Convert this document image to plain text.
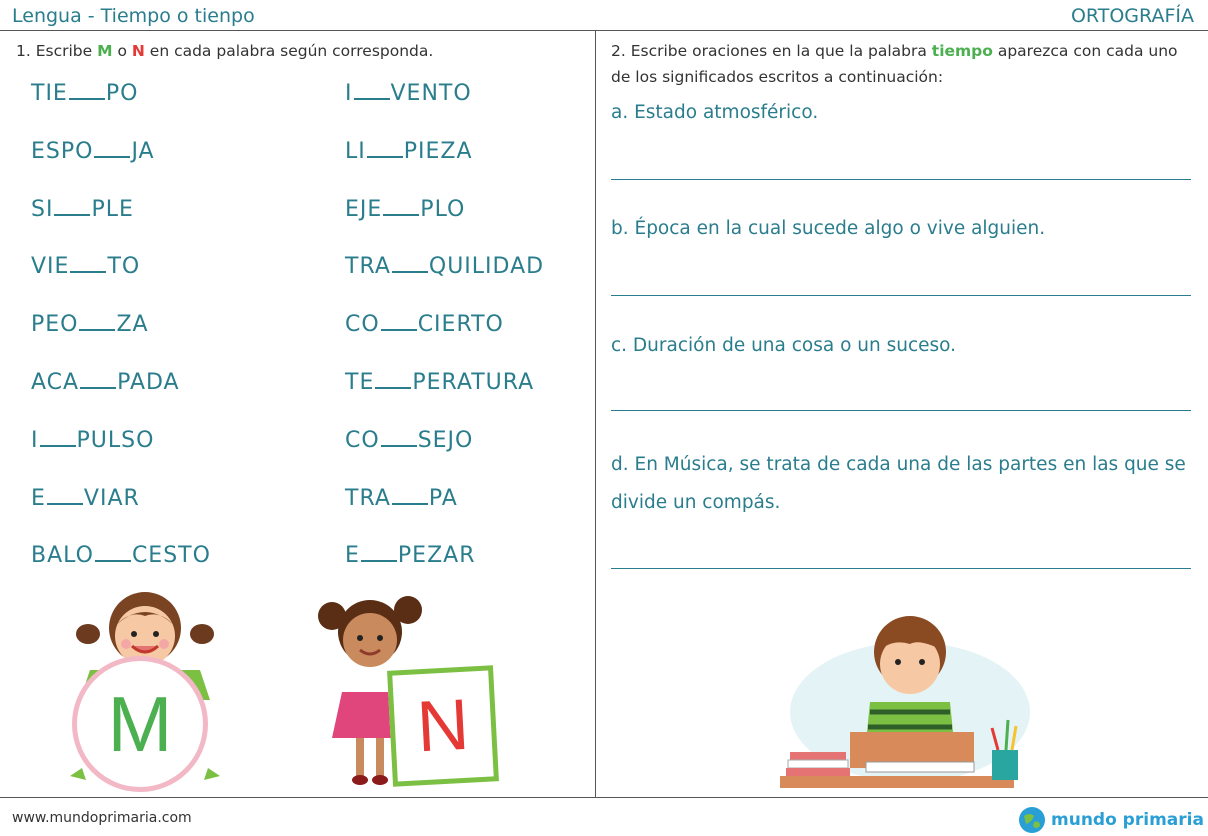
Lengua - Tiempo o tienpo	ORTOGRAFÍA
1. Escribe M o N en cada palabra según corresponda.
TIE PO
ESPO JA
SI PLE
VIE TO
PEO ZA
ACA PADA
I PULSO
E VIAR
BALO CESTO
I VENTO
LI PIEZA
EJE PLO
TRA QUILIDAD
CO CIERTO
TE PERATURA
CO SEJO
TRA PA
E PEZAR
M	N
2. Escribe oraciones en la que la palabra tiempo aparezca con cada uno de los significados escritos a continuación:
a. Estado atmosférico.
b. Época en la cual sucede algo o vive alguien.
c. Duración de una cosa o un suceso.
d. En Música, se trata de cada una de las partes en las que se divide un compás.
www.mundoprimaria.com	mundo primaria
